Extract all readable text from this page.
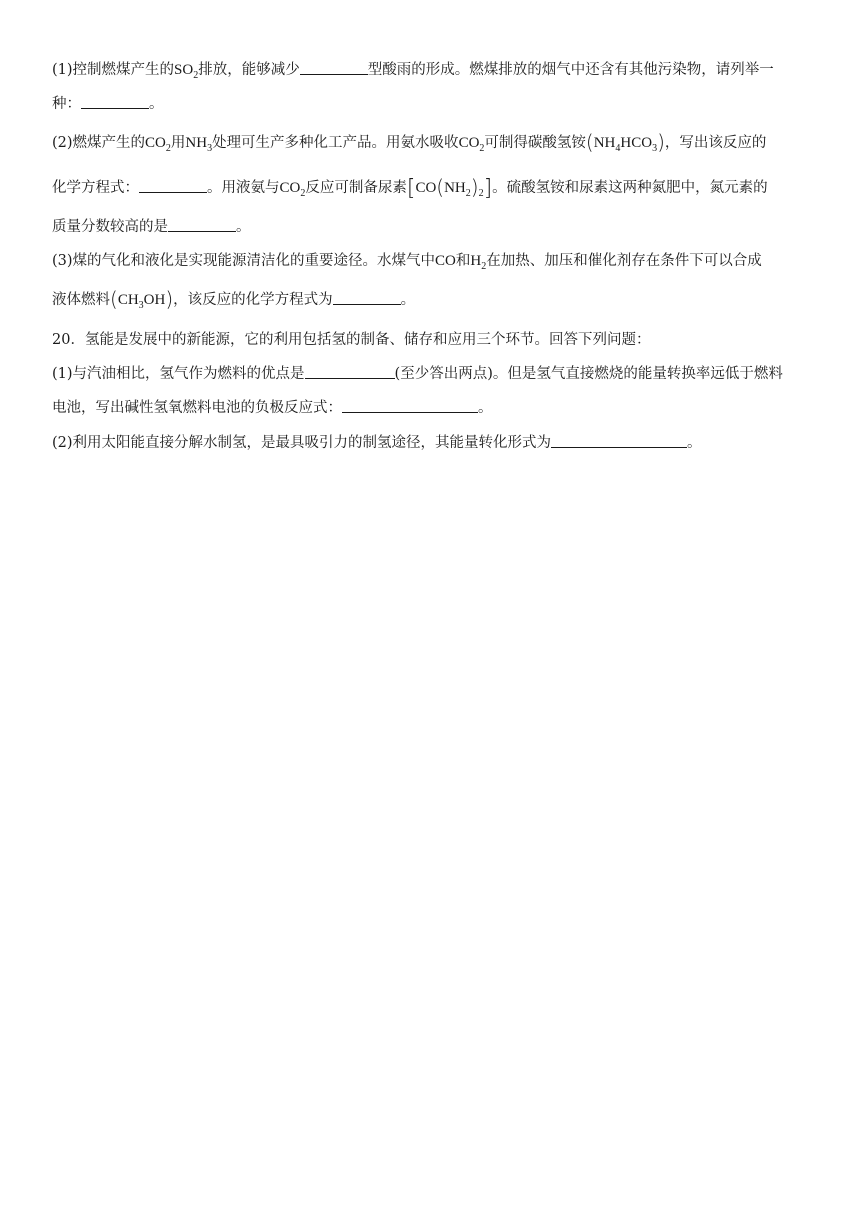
(1)控制燃煤产生的$SO_2$排放，能够减少	型酸雨的形成。燃煤排放的烟气中还含有其他污染物，请列举一
种：	。
(2)燃煤产生的$CO_2$用$NH_3$处理可生产多种化工产品。用氨水吸收$CO_2$可制得碳酸氢铵$(NH_4HCO_3)$，写出该反应的
化学方程式：	。用液氨与$CO_2$反应可制备尿素$[CO(NH_2)_2]$。硫酸氢铵和尿素这两种氮肥中，氮元素的
质量分数较高的是	。
(3)煤的气化和液化是实现能源清洁化的重要途径。水煤气中CO和$H_2$在加热、加压和催化剂存在条件下可以合成
液体燃料$(CH_3OH)$，该反应的化学方程式为	。
20．氢能是发展中的新能源，它的利用包括氢的制备、储存和应用三个环节。回答下列问题：
(1)与汽油相比，氢气作为燃料的优点是	(至少答出两点)。但是氢气直接燃烧的能量转换率远低于燃料
电池，写出碱性氢氧燃料电池的负极反应式：	。
(2)利用太阳能直接分解水制氢，是最具吸引力的制氢途径，其能量转化形式为	。
